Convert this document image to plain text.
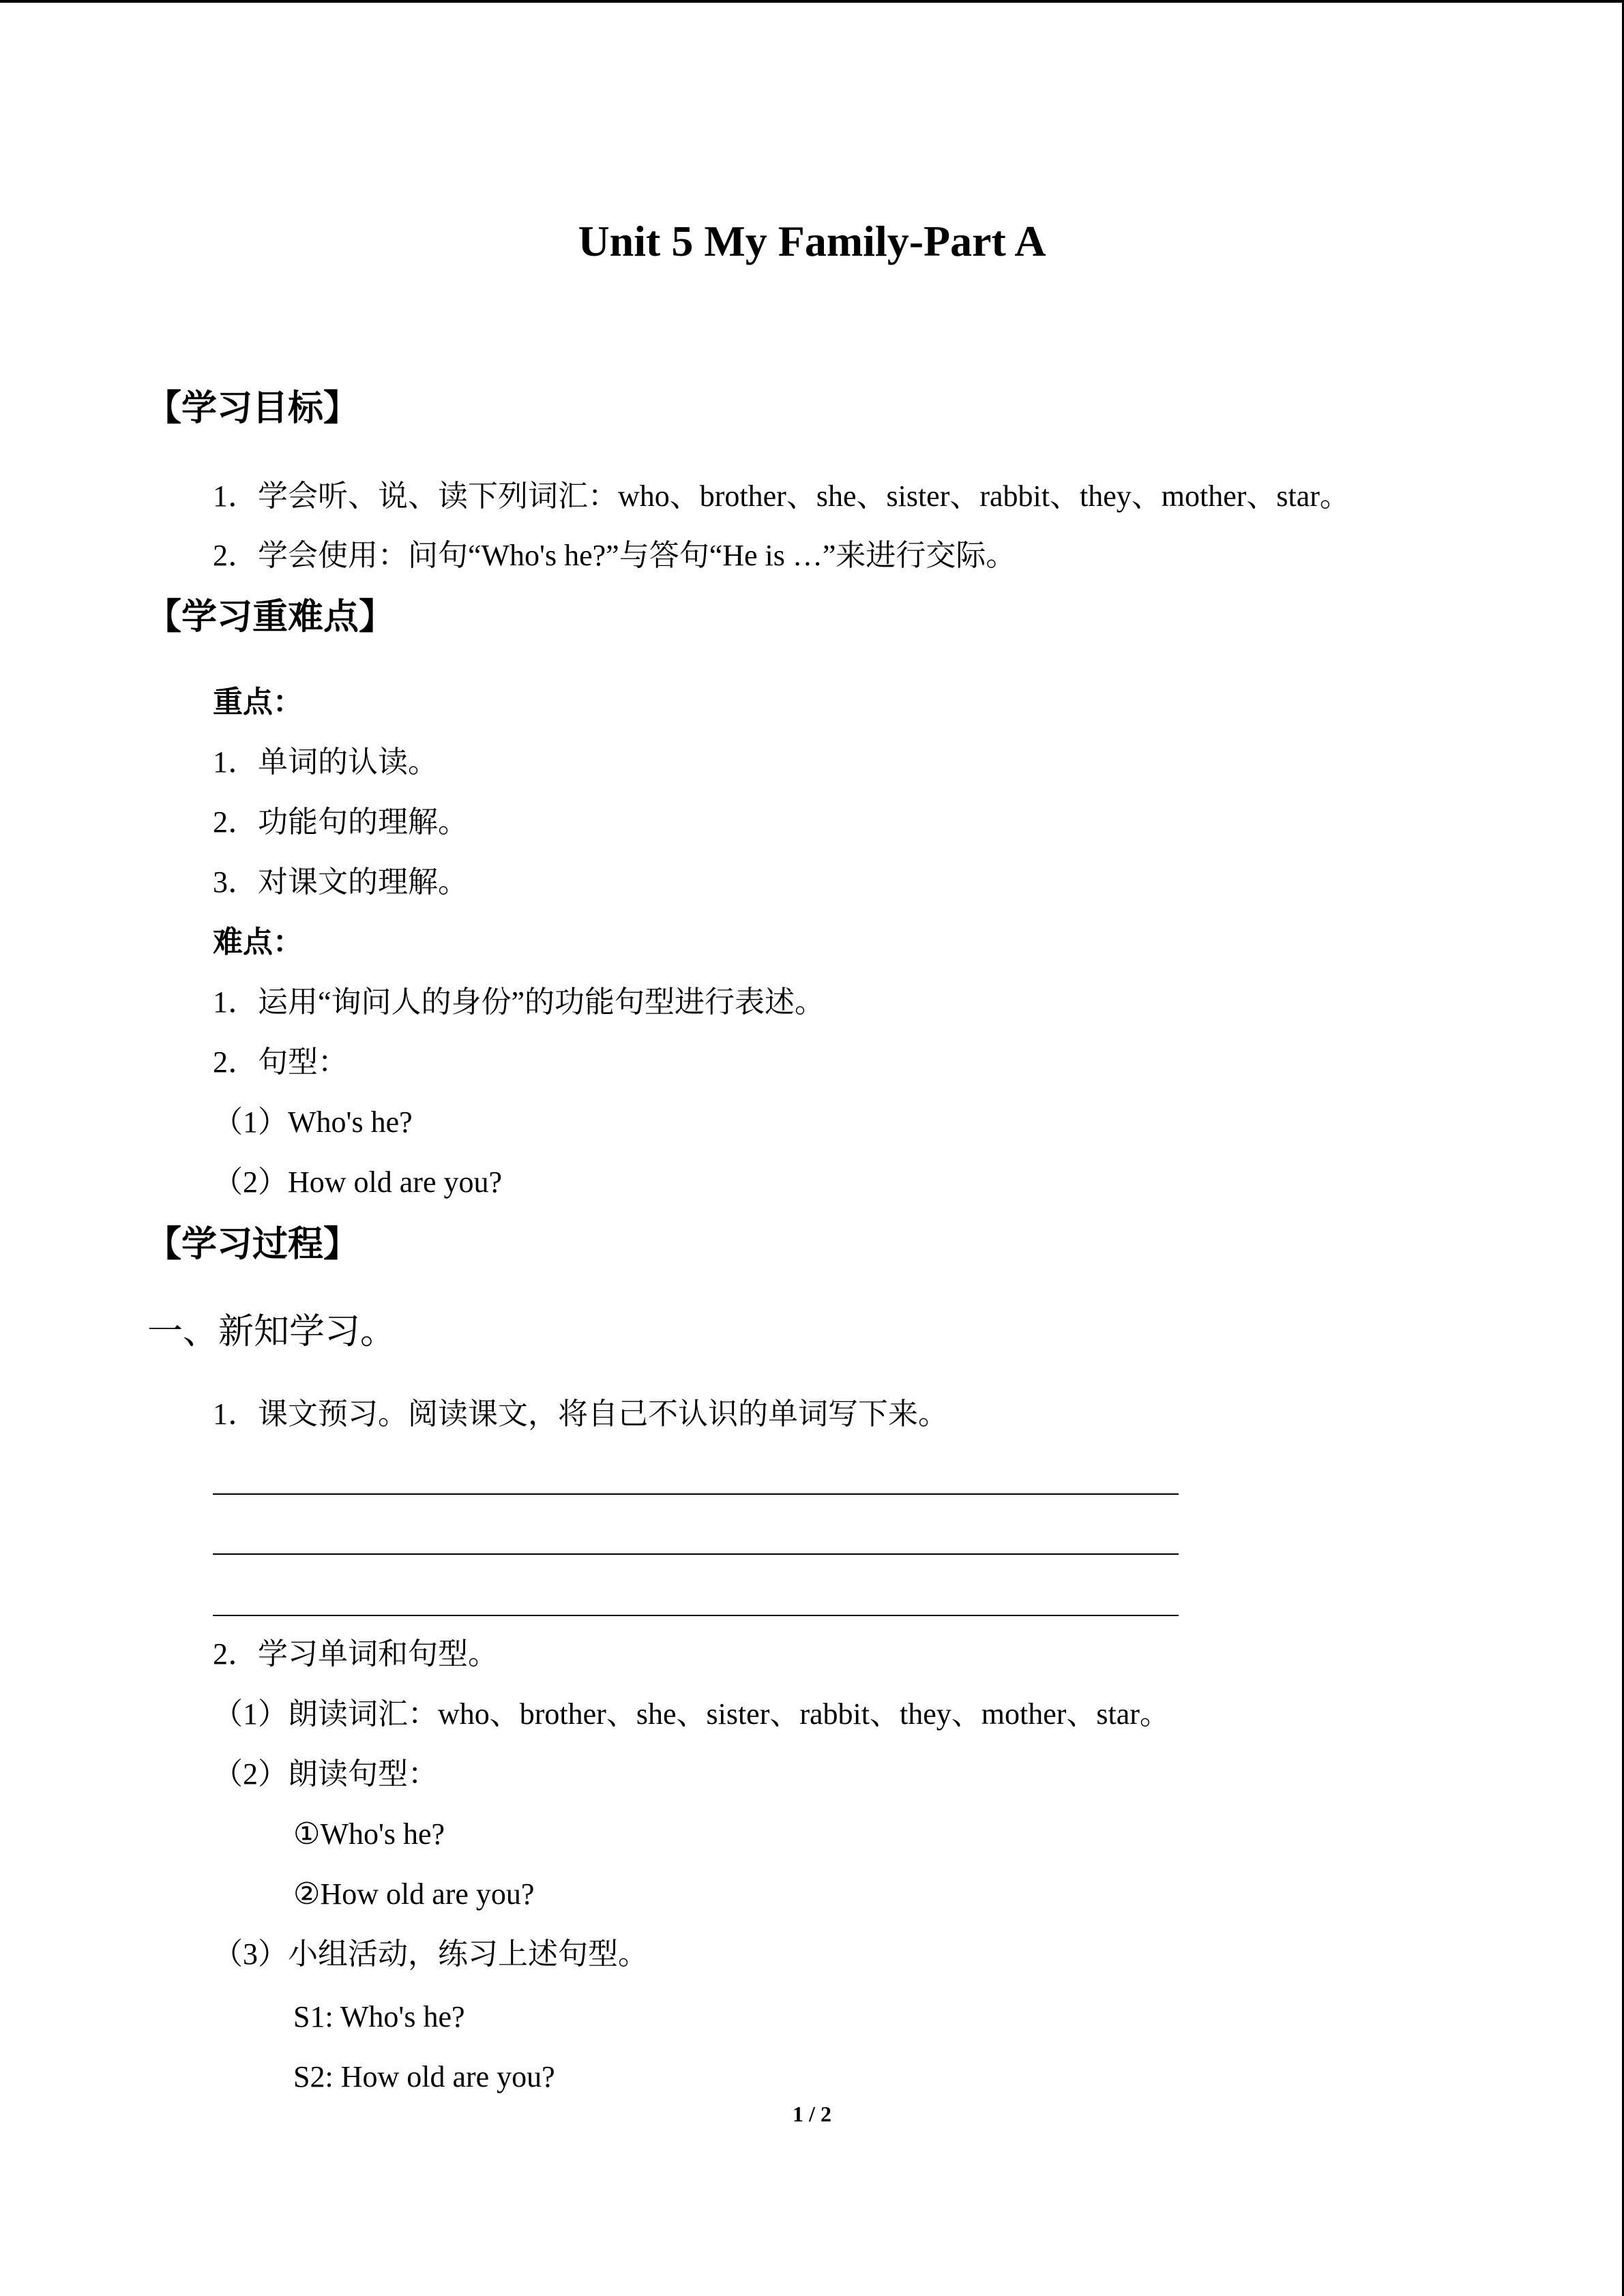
Unit 5 My Family-Part A
【学习目标】
1．学会听、说、读下列词汇：who、brother、she、sister、rabbit、they、mother、star。
2．学会使用：问句“Who's he?”与答句“He is …”来进行交际。
【学习重难点】
重点：
1．单词的认读。
2．功能句的理解。
3．对课文的理解。
难点：
1．运用“询问人的身份”的功能句型进行表述。
2．句型：
（1）Who's he?
（2）How old are you?
【学习过程】
一、新知学习。
1．课文预习。阅读课文，将自己不认识的单词写下来。
2．学习单词和句型。
（1）朗读词汇：who、brother、she、sister、rabbit、they、mother、star。
（2）朗读句型：
①Who's he?
②How old are you?
（3）小组活动，练习上述句型。
S1: Who's he?
S2: How old are you?
1 / 2
